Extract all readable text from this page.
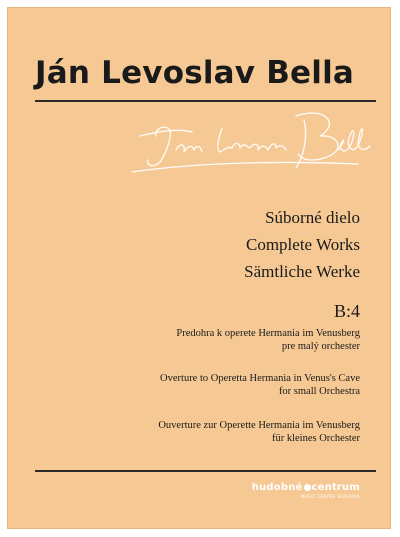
Ján Levoslav Bella
Súborné dielo
Complete Works
Sämtliche Werke
B:4
Predohra k operete Hermania im Venusberg
pre malý orchester
Overture to Operetta Hermania in Venus's Cave
for small Orchestra
Ouverture zur Operette Hermania im Venusberg
für kleines Orchester
hudobné centrum
MUSIC CENTRE SLOVAKIA
